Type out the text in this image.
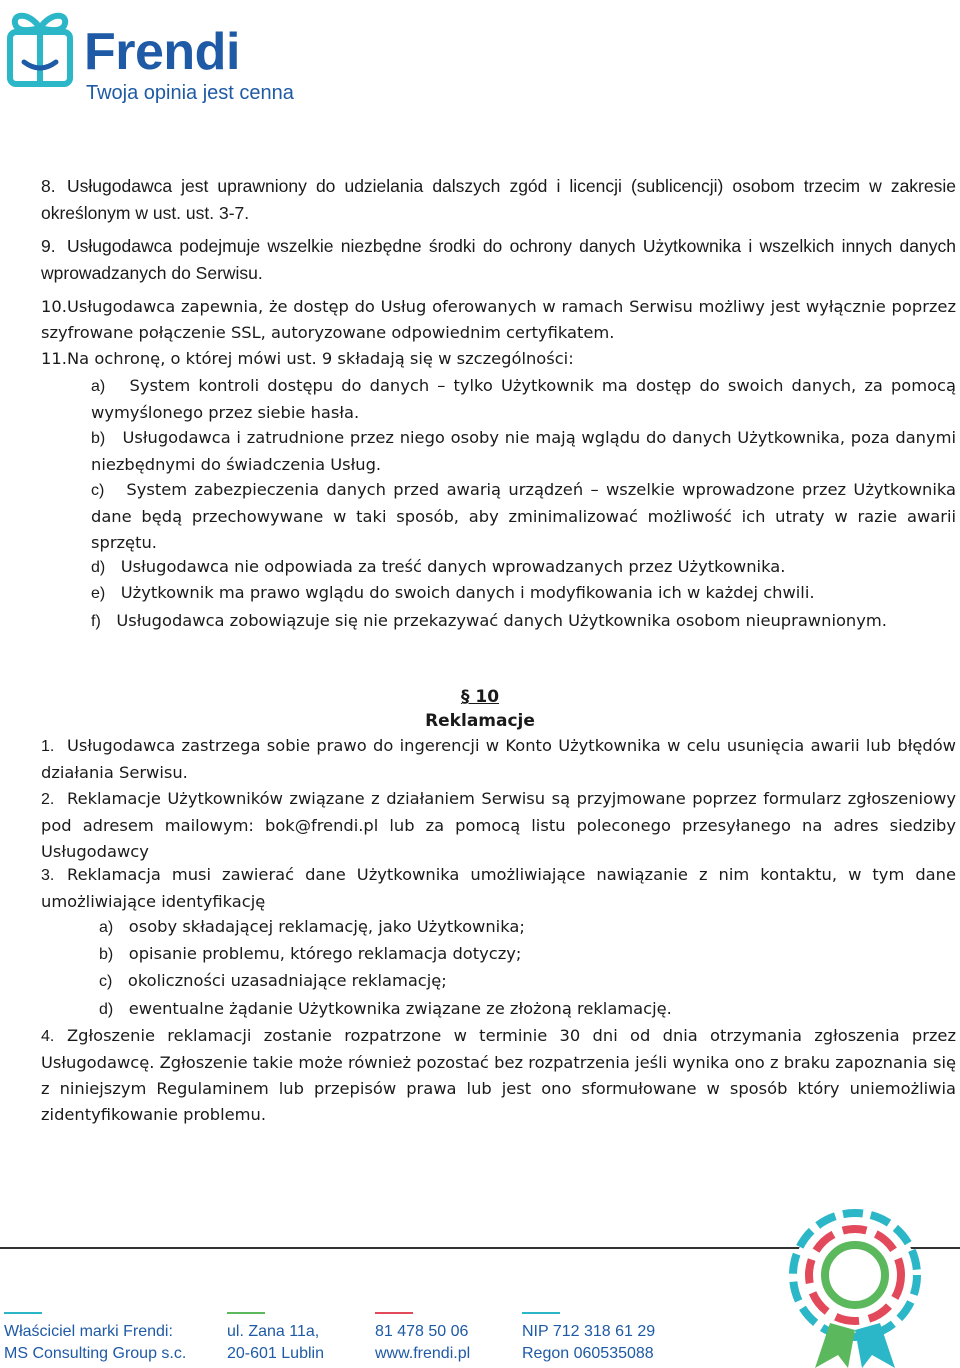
Frendi
Twoja opinia jest cenna

8. Usługodawca jest uprawniony do udzielania dalszych zgód i licencji (sublicencji) osobom trzecim w zakresie określonym w ust. ust. 3-7.

9. Usługodawca podejmuje wszelkie niezbędne środki do ochrony danych Użytkownika i wszelkich innych danych wprowadzanych do Serwisu.

10.Usługodawca zapewnia, że dostęp do Usług oferowanych w ramach Serwisu możliwy jest wyłącznie poprzez szyfrowane połączenie SSL, autoryzowane odpowiednim certyfikatem.

11.Na ochronę, o której mówi ust. 9 składają się w szczególności:

a) System kontroli dostępu do danych – tylko Użytkownik ma dostęp do swoich danych, za pomocą wymyślonego przez siebie hasła.

b) Usługodawca i zatrudnione przez niego osoby nie mają wglądu do danych Użytkownika, poza danymi niezbędnymi do świadczenia Usług.

c) System zabezpieczenia danych przed awarią urządzeń – wszelkie wprowadzone przez Użytkownika dane będą przechowywane w taki sposób, aby zminimalizować możliwość ich utraty w razie awarii sprzętu.

d) Usługodawca nie odpowiada za treść danych wprowadzanych przez Użytkownika.

e) Użytkownik ma prawo wglądu do swoich danych i modyfikowania ich w każdej chwili.

f) Usługodawca zobowiązuje się nie przekazywać danych Użytkownika osobom nieuprawnionym.

§ 10
Reklamacje

1. Usługodawca zastrzega sobie prawo do ingerencji w Konto Użytkownika w celu usunięcia awarii lub błędów działania Serwisu.

2. Reklamacje Użytkowników związane z działaniem Serwisu są przyjmowane poprzez formularz zgłoszeniowy pod adresem mailowym: bok@frendi.pl lub za pomocą listu poleconego przesyłanego na adres siedziby Usługodawcy

3. Reklamacja musi zawierać dane Użytkownika umożliwiające nawiązanie z nim kontaktu, w tym dane umożliwiające identyfikację

a) osoby składającej reklamację, jako Użytkownika;

b) opisanie problemu, którego reklamacja dotyczy;

c) okoliczności uzasadniające reklamację;

d) ewentualne żądanie Użytkownika związane ze złożoną reklamację.

4. Zgłoszenie reklamacji zostanie rozpatrzone w terminie 30 dni od dnia otrzymania zgłoszenia przez Usługodawcę. Zgłoszenie takie może również pozostać bez rozpatrzenia jeśli wynika ono z braku zapoznania się z niniejszym Regulaminem lub przepisów prawa lub jest ono sformułowane w sposób który uniemożliwia zidentyfikowanie problemu.

Właściciel marki Frendi:
MS Consulting Group s.c.
ul. Zana 11a,
20-601 Lublin
81 478 50 06
www.frendi.pl
NIP 712 318 61 29
Regon 060535088
